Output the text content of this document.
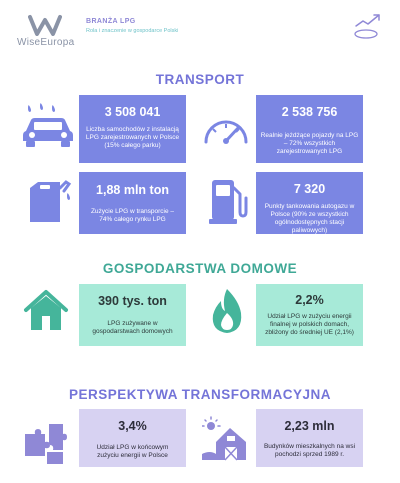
WiseEuropa
BRANŻA LPG
Rola i znaczenie w gospodarce Polski
TRANSPORT
3 508 041
Liczba samochodów z instalacją LPG zarejestrowanych w Polsce (15% całego parku)
2 538 756
Realnie jeżdżące pojazdy na LPG – 72% wszystkich zarejestrowanych LPG
1,88 mln ton
Zużycie LPG w transporcie – 74% całego rynku LPG
7 320
Punkty tankowania autogazu w Polsce (90% ze wszystkich ogólnodostępnych stacji paliwowych)
GOSPODARSTWA DOMOWE
390 tys. ton
LPG zużywane w gospodarstwach domowych
2,2%
Udział LPG w zużyciu energii finalnej w polskich domach, zbliżony do średniej UE (2,1%)
PERSPEKTYWA TRANSFORMACYJNA
3,4%
Udział LPG w końcowym zużyciu energii w Polsce
2,23 mln
Budynków mieszkalnych na wsi pochodzi sprzed 1989 r.
